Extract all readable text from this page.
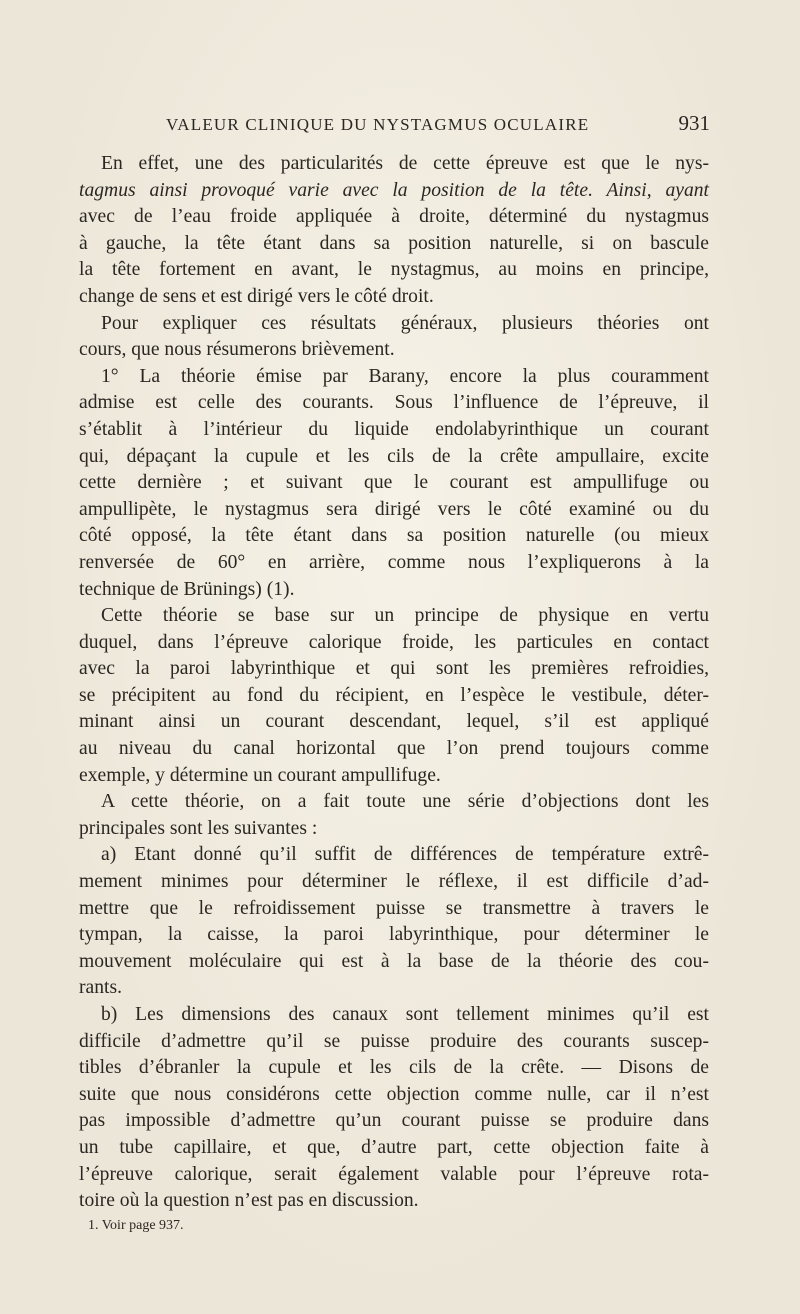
VALEUR CLINIQUE DU NYSTAGMUS OCULAIRE	931
En effet, une des particularités de cette épreuve est que le nys-
tagmus ainsi provoqué varie avec la position de la tête. Ainsi, ayant
avec de l’eau froide appliquée à droite, déterminé du nystagmus
à gauche, la tête étant dans sa position naturelle, si on bascule
la tête fortement en avant, le nystagmus, au moins en principe,
change de sens et est dirigé vers le côté droit.
Pour expliquer ces résultats généraux, plusieurs théories ont
cours, que nous résumerons brièvement.
1° La théorie émise par Barany, encore la plus couramment
admise est celle des courants. Sous l’influence de l’épreuve, il
s’établit à l’intérieur du liquide endolabyrinthique un courant
qui, dépaçant la cupule et les cils de la crête ampullaire, excite
cette dernière ; et suivant que le courant est ampullifuge ou
ampullipète, le nystagmus sera dirigé vers le côté examiné ou du
côté opposé, la tête étant dans sa position naturelle (ou mieux
renversée de 60° en arrière, comme nous l’expliquerons à la
technique de Brünings) (1).
Cette théorie se base sur un principe de physique en vertu
duquel, dans l’épreuve calorique froide, les particules en contact
avec la paroi labyrinthique et qui sont les premières refroidies,
se précipitent au fond du récipient, en l’espèce le vestibule, déter-
minant ainsi un courant descendant, lequel, s’il est appliqué
au niveau du canal horizontal que l’on prend toujours comme
exemple, y détermine un courant ampullifuge.
A cette théorie, on a fait toute une série d’objections dont les
principales sont les suivantes :
a) Etant donné qu’il suffit de différences de température extrê-
mement minimes pour déterminer le réflexe, il est difficile d’ad-
mettre que le refroidissement puisse se transmettre à travers le
tympan, la caisse, la paroi labyrinthique, pour déterminer le
mouvement moléculaire qui est à la base de la théorie des cou-
rants.
b) Les dimensions des canaux sont tellement minimes qu’il est
difficile d’admettre qu’il se puisse produire des courants suscep-
tibles d’ébranler la cupule et les cils de la crête. — Disons de
suite que nous considérons cette objection comme nulle, car il n’est
pas impossible d’admettre qu’un courant puisse se produire dans
un tube capillaire, et que, d’autre part, cette objection faite à
l’épreuve calorique, serait également valable pour l’épreuve rota-
toire où la question n’est pas en discussion.
1. Voir page 937.
